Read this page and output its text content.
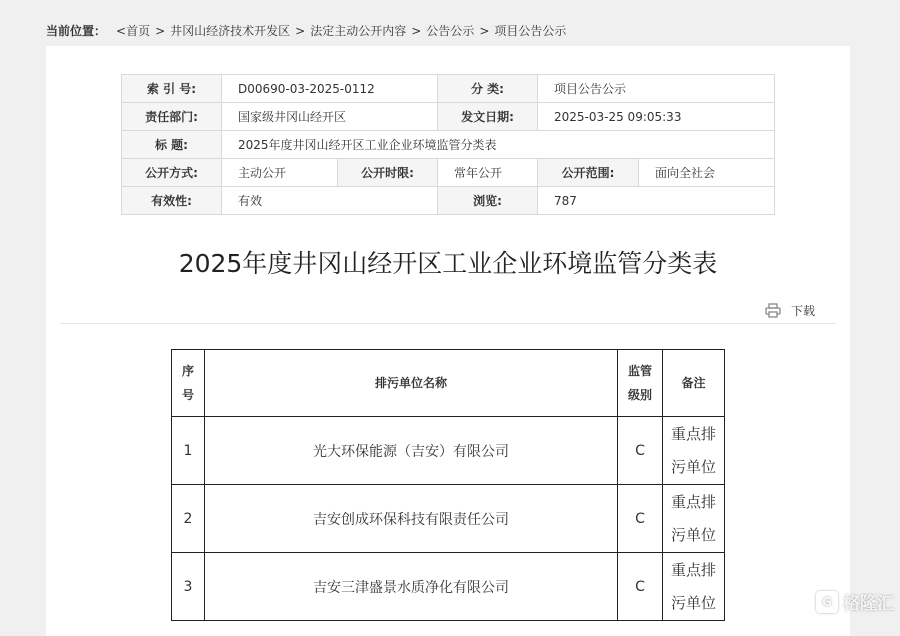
当前位置： <首页 > 井冈山经济技术开发区 > 法定主动公开内容 > 公告公示 > 项目公告公示
索 引 号:	D00690-03-2025-0112		分 类:	项目公告公示	
责任部门:	国家级井冈山经开区		发文日期:	2025-03-25 09:05:33	
标 题:	2025年度井冈山经开区工业企业环境监管分类表				
公开方式:	主动公开	公开时限:	常年公开	公开范围:	面向全社会
有效性:	有效		浏览:	787	
2025年度井冈山经开区工业企业环境监管分类表
下载
序
号	排污单位名称	监管
级别	备注
1	光大环保能源（吉安）有限公司	C	重点排
污单位
2	吉安创成环保科技有限责任公司	C	重点排
污单位
3	吉安三津盛景水质净化有限公司	C	重点排
污单位	G 格隆汇
